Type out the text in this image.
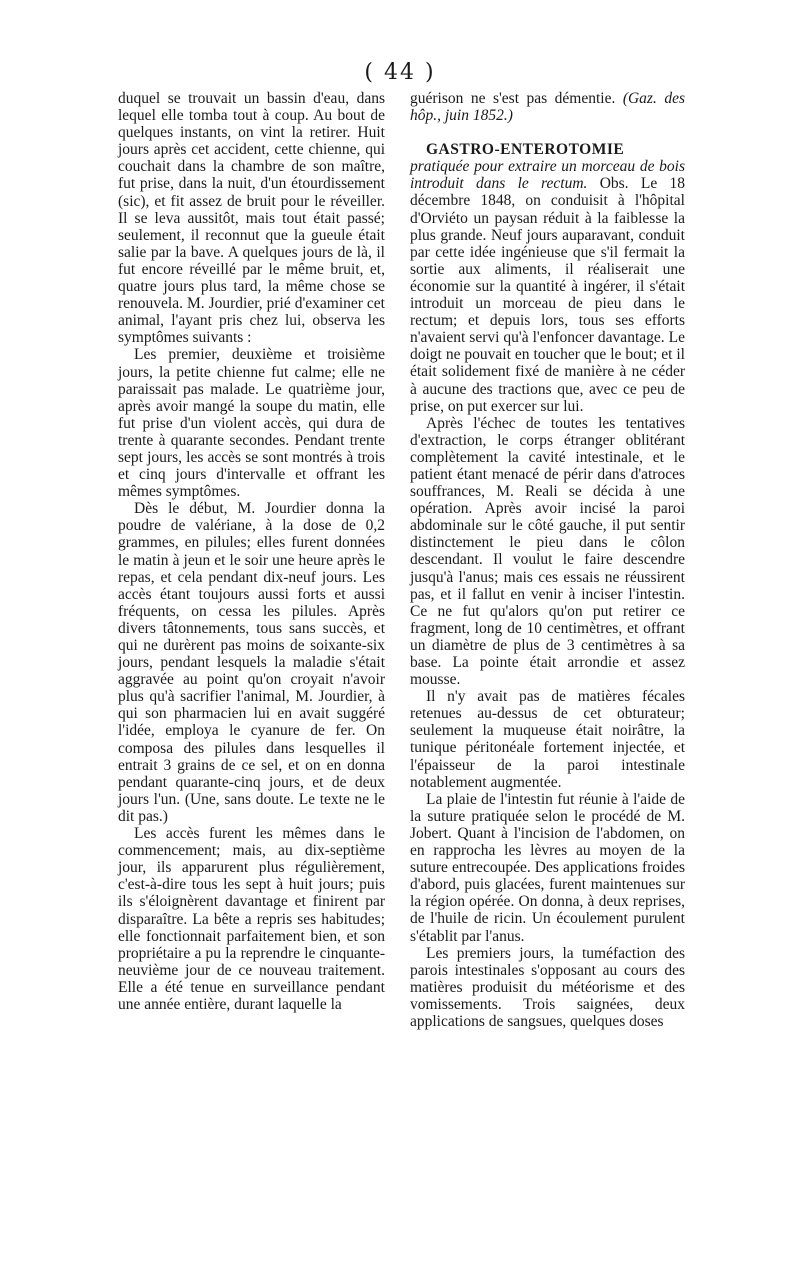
( 44 )

duquel se trouvait un bassin d'eau, dans lequel elle tomba tout à coup. Au bout de quelques instants, on vint la retirer. Huit jours après cet accident, cette chienne, qui couchait dans la chambre de son maître, fut prise, dans la nuit, d'un étourdissement (sic), et fit assez de bruit pour le réveiller. Il se leva aussitôt, mais tout était passé; seulement, il reconnut que la gueule était salie par la bave. A quelques jours de là, il fut encore réveillé par le même bruit, et, quatre jours plus tard, la même chose se renouvela. M. Jourdier, prié d'examiner cet animal, l'ayant pris chez lui, observa les symptômes suivants :

Les premier, deuxième et troisième jours, la petite chienne fut calme; elle ne paraissait pas malade. Le quatrième jour, après avoir mangé la soupe du matin, elle fut prise d'un violent accès, qui dura de trente à quarante secondes. Pendant trente sept jours, les accès se sont montrés à trois et cinq jours d'intervalle et offrant les mêmes symptômes.

Dès le début, M. Jourdier donna la poudre de valériane, à la dose de 0,2 grammes, en pilules; elles furent données le matin à jeun et le soir une heure après le repas, et cela pendant dix-neuf jours. Les accès étant toujours aussi forts et aussi fréquents, on cessa les pilules. Après divers tâtonnements, tous sans succès, et qui ne durèrent pas moins de soixante-six jours, pendant lesquels la maladie s'était aggravée au point qu'on croyait n'avoir plus qu'à sacrifier l'animal, M. Jourdier, à qui son pharmacien lui en avait suggéré l'idée, employa le cyanure de fer. On composa des pilules dans lesquelles il entrait 3 grains de ce sel, et on en donna pendant quarante-cinq jours, et de deux jours l'un. (Une, sans doute. Le texte ne le dit pas.)

Les accès furent les mêmes dans le commencement; mais, au dix-septième jour, ils apparurent plus régulièrement, c'est-à-dire tous les sept à huit jours; puis ils s'éloignèrent davantage et finirent par disparaître. La bête a repris ses habitudes; elle fonctionnait parfaitement bien, et son propriétaire a pu la reprendre le cinquante-neuvième jour de ce nouveau traitement. Elle a été tenue en surveillance pendant une année entière, durant laquelle la

guérison ne s'est pas démentie. (Gaz. des hôp., juin 1852.)

GASTRO-ENTEROTOMIE pratiquée pour extraire un morceau de bois introduit dans le rectum. Obs. Le 18 décembre 1848, on conduisit à l'hôpital d'Orviéto un paysan réduit à la faiblesse la plus grande. Neuf jours auparavant, conduit par cette idée ingénieuse que s'il fermait la sortie aux aliments, il réaliserait une économie sur la quantité à ingérer, il s'était introduit un morceau de pieu dans le rectum; et depuis lors, tous ses efforts n'avaient servi qu'à l'enfoncer davantage. Le doigt ne pouvait en toucher que le bout; et il était solidement fixé de manière à ne céder à aucune des tractions que, avec ce peu de prise, on put exercer sur lui.

Après l'échec de toutes les tentatives d'extraction, le corps étranger oblitérant complètement la cavité intestinale, et le patient étant menacé de périr dans d'atroces souffrances, M. Reali se décida à une opération. Après avoir incisé la paroi abdominale sur le côté gauche, il put sentir distinctement le pieu dans le côlon descendant. Il voulut le faire descendre jusqu'à l'anus; mais ces essais ne réussirent pas, et il fallut en venir à inciser l'intestin. Ce ne fut qu'alors qu'on put retirer ce fragment, long de 10 centimètres, et offrant un diamètre de plus de 3 centimètres à sa base. La pointe était arrondie et assez mousse.

Il n'y avait pas de matières fécales retenues au-dessus de cet obturateur; seulement la muqueuse était noirâtre, la tunique péritonéale fortement injectée, et l'épaisseur de la paroi intestinale notablement augmentée.

La plaie de l'intestin fut réunie à l'aide de la suture pratiquée selon le procédé de M. Jobert. Quant à l'incision de l'abdomen, on en rapprocha les lèvres au moyen de la suture entrecoupée. Des applications froides d'abord, puis glacées, furent maintenues sur la région opérée. On donna, à deux reprises, de l'huile de ricin. Un écoulement purulent s'établit par l'anus.

Les premiers jours, la tuméfaction des parois intestinales s'opposant au cours des matières produisit du météorisme et des vomissements. Trois saignées, deux applications de sangsues, quelques doses
